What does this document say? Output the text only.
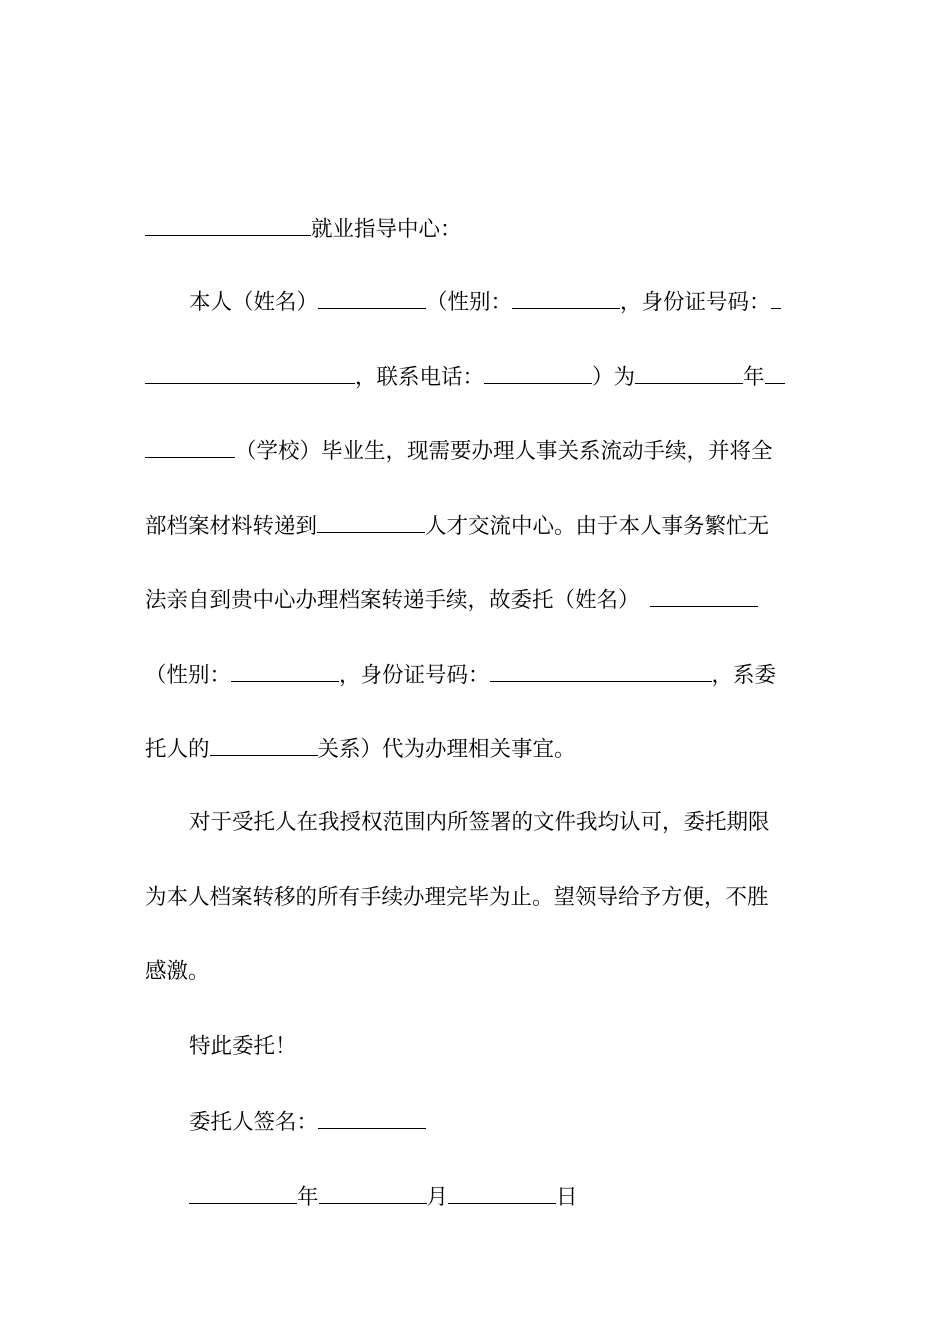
就业指导中心：
本人（姓名）	（性别：	，身份证号码：
，联系电话：	）为	年
（学校）毕业生，现需要办理人事关系流动手续，并将全
部档案材料转递到	人才交流中心。由于本人事务繁忙无
法亲自到贵中心办理档案转递手续，故委托（姓名）
（性别：	，身份证号码：	，系委
托人的	关系）代为办理相关事宜。
对于受托人在我授权范围内所签署的文件我均认可，委托期限
为本人档案转移的所有手续办理完毕为止。望领导给予方便，不胜
感激。
特此委托！
委托人签名：
年	月	日
